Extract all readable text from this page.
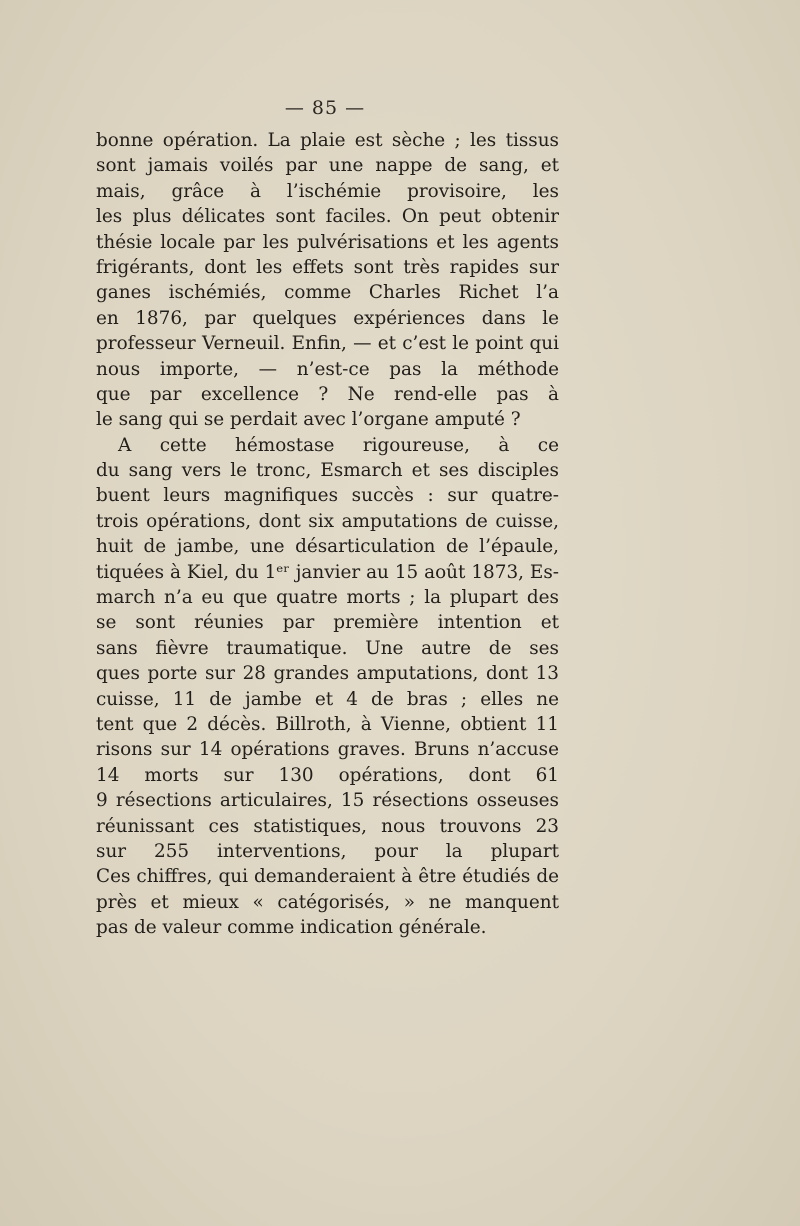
— 85 —
bonne opération. La plaie est sèche ; les tissus
sont jamais voilés par une nappe de sang, et
mais, grâce à l’ischémie provisoire, les
les plus délicates sont faciles. On peut obtenir
thésie locale par les pulvérisations et les agents
frigérants, dont les effets sont très rapides sur
ganes ischémiés, comme Charles Richet l’a
en 1876, par quelques expériences dans le
professeur Verneuil. Enfin, — et c’est le point qui
nous importe, — n’est-ce pas la méthode
que par excellence ? Ne rend-elle pas à
le sang qui se perdait avec l’organe amputé ?
A cette hémostase rigoureuse, à ce
du sang vers le tronc, Esmarch et ses disciples
buent leurs magnifiques succès : sur quatre-
trois opérations, dont six amputations de cuisse,
huit de jambe, une désarticulation de l’épaule,
tiquées à Kiel, du 1ᵉʳ janvier au 15 août 1873, Es-
march n’a eu que quatre morts ; la plupart des
se sont réunies par première intention et
sans fièvre traumatique. Une autre de ses
ques porte sur 28 grandes amputations, dont 13
cuisse, 11 de jambe et 4 de bras ; elles ne
tent que 2 décès. Billroth, à Vienne, obtient 11
risons sur 14 opérations graves. Bruns n’accuse
14 morts sur 130 opérations, dont 61
9 résections articulaires, 15 résections osseuses
réunissant ces statistiques, nous trouvons 23
sur 255 interventions, pour la plupart
Ces chiffres, qui demanderaient à être étudiés de
près et mieux « catégorisés, » ne manquent
pas de valeur comme indication générale.
